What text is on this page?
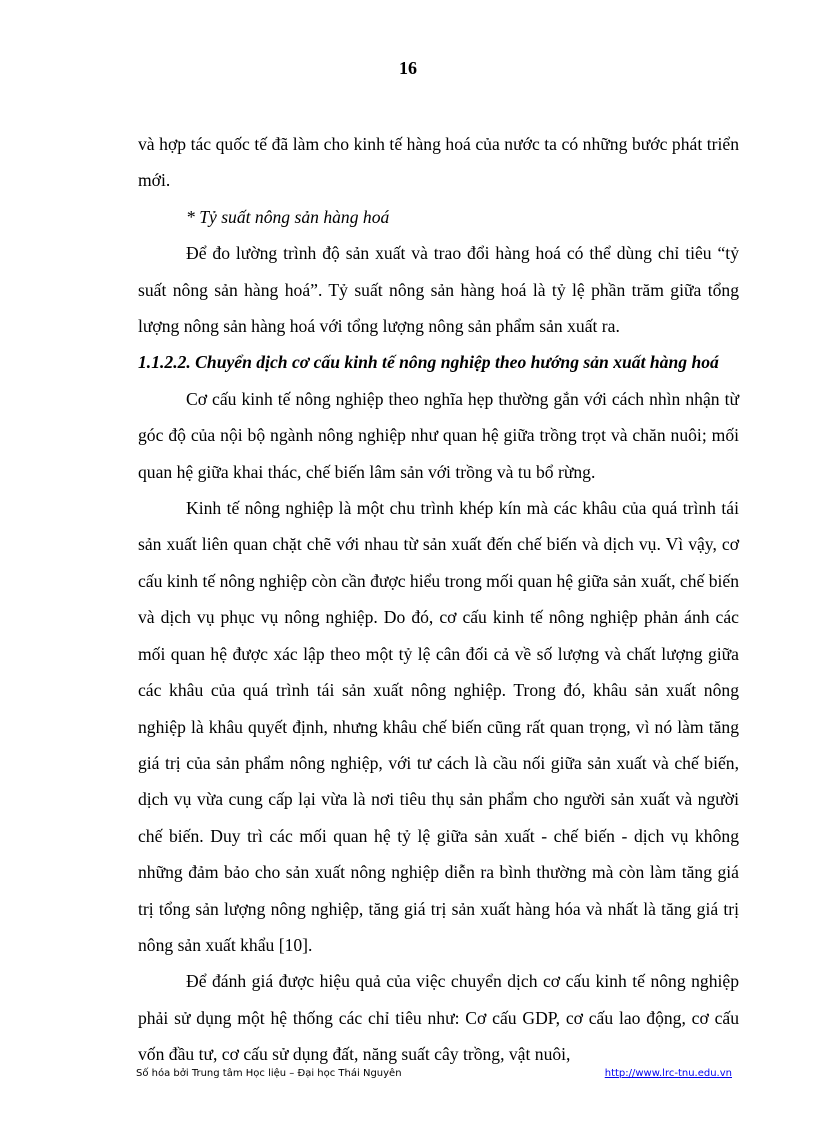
16

và hợp tác quốc tế đã làm cho kinh tế hàng hoá của nước ta có những bước phát triển mới.

* Tỷ suất nông sản hàng hoá

Để đo lường trình độ sản xuất và trao đổi hàng hoá có thể dùng chỉ tiêu “tỷ suất nông sản hàng hoá”. Tỷ suất nông sản hàng hoá là tỷ lệ phần trăm giữa tổng lượng nông sản hàng hoá với tổng lượng nông sản phẩm sản xuất ra.

1.1.2.2. Chuyển dịch cơ cấu kinh tế nông nghiệp theo hướng sản xuất hàng hoá

Cơ cấu kinh tế nông nghiệp theo nghĩa hẹp thường gắn với cách nhìn nhận từ góc độ của nội bộ ngành nông nghiệp như quan hệ giữa trồng trọt và chăn nuôi; mối quan hệ giữa khai thác, chế biến lâm sản với trồng và tu bổ rừng.

Kinh tế nông nghiệp là một chu trình khép kín mà các khâu của quá trình tái sản xuất liên quan chặt chẽ với nhau từ sản xuất đến chế biến và dịch vụ. Vì vậy, cơ cấu kinh tế nông nghiệp còn cần được hiểu trong mối quan hệ giữa sản xuất, chế biến và dịch vụ phục vụ nông nghiệp. Do đó, cơ cấu kinh tế nông nghiệp phản ánh các mối quan hệ được xác lập theo một tỷ lệ cân đối cả về số lượng và chất lượng giữa các khâu của quá trình tái sản xuất nông nghiệp. Trong đó, khâu sản xuất nông nghiệp là khâu quyết định, nhưng khâu chế biến cũng rất quan trọng, vì nó làm tăng giá trị của sản phẩm nông nghiệp, với tư cách là cầu nối giữa sản xuất và chế biến, dịch vụ vừa cung cấp lại vừa là nơi tiêu thụ sản phẩm cho người sản xuất và người chế biến. Duy trì các mối quan hệ tỷ lệ giữa sản xuất - chế biến - dịch vụ không những đảm bảo cho sản xuất nông nghiệp diễn ra bình thường mà còn làm tăng giá trị tổng sản lượng nông nghiệp, tăng giá trị sản xuất hàng hóa và nhất là tăng giá trị nông sản xuất khẩu [10].

Để đánh giá được hiệu quả của việc chuyển dịch cơ cấu kinh tế nông nghiệp phải sử dụng một hệ thống các chỉ tiêu như: Cơ cấu GDP, cơ cấu lao động, cơ cấu vốn đầu tư, cơ cấu sử dụng đất, năng suất cây trồng, vật nuôi,

Số hóa bởi Trung tâm Học liệu – Đại học Thái Nguyên	http://www.lrc-tnu.edu.vn
